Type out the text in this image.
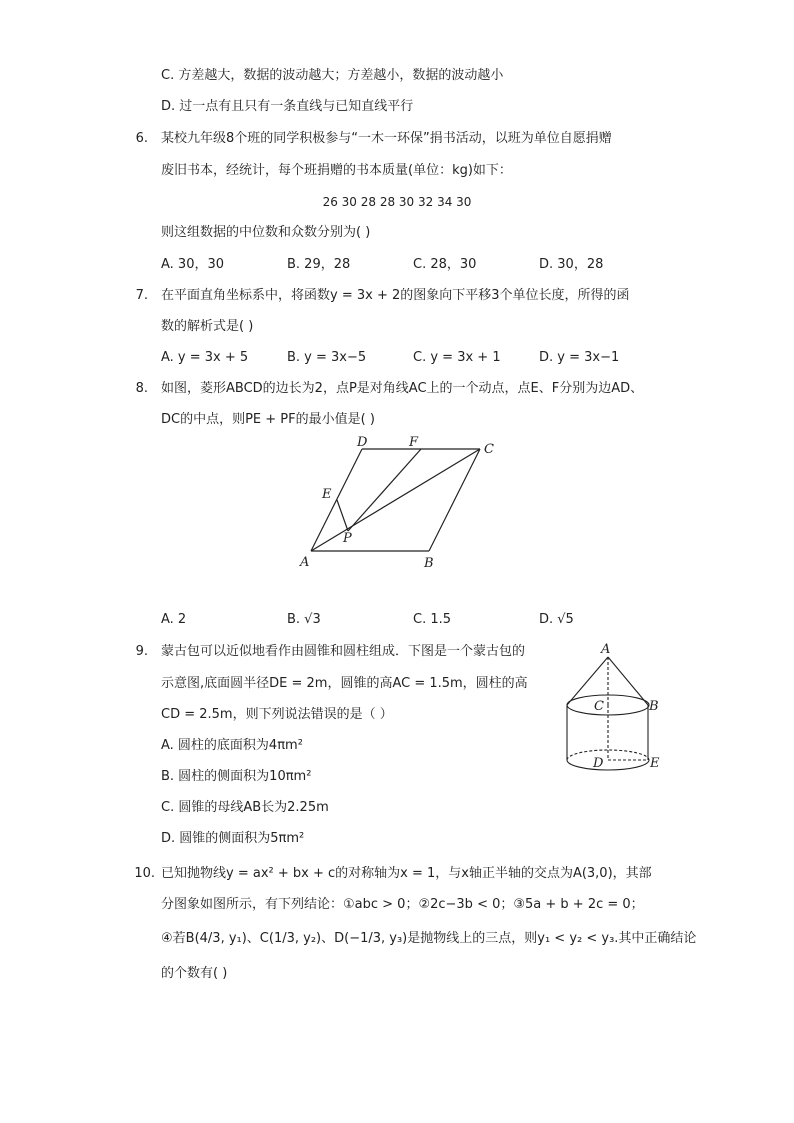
C. 方差越大，数据的波动越大；方差越小，数据的波动越小
D. 过一点有且只有一条直线与已知直线平行
6. 某校九年级8个班的同学积极参与“一木一环保”捐书活动，以班为单位自愿捐赠
废旧书本，经统计，每个班捐赠的书本质量(单位：kg)如下：
26 30 28 28 30 32 34 30
则这组数据的中位数和众数分别为( )
A. 30，30	B. 29，28	C. 28，30	D. 30，28
7. 在平面直角坐标系中，将函数y = 3x + 2的图象向下平移3个单位长度，所得的函
数的解析式是( )
A. y = 3x + 5	B. y = 3x−5	C. y = 3x + 1	D. y = 3x−1
8. 如图，菱形ABCD的边长为2，点P是对角线AC上的一个动点，点E、F分别为边AD、
DC的中点，则PE + PF的最小值是( )
A	B
C
D
E
F
P
A. 2	B. √3	C. 1.5	D. √5
9. 蒙古包可以近似地看作由圆锥和圆柱组成．下图是一个蒙古包的
示意图,底面圆半径DE = 2m，圆锥的高AC = 1.5m，圆柱的高
CD = 2.5m，则下列说法错误的是（ ）
A. 圆柱的底面积为4πm²
B. 圆柱的侧面积为10πm²
C. 圆锥的母线AB长为2.25m
D. 圆锥的侧面积为5πm²
A
B
C
D	E
10. 已知抛物线y = ax² + bx + c的对称轴为x = 1，与x轴正半轴的交点为A(3,0)，其部
分图象如图所示，有下列结论：①abc > 0；②2c−3b < 0；③5a + b + 2c = 0；
④若B(4/3, y₁)、C(1/3, y₂)、D(−1/3, y₃)是抛物线上的三点，则y₁ < y₂ < y₃.其中正确结论
的个数有( )
